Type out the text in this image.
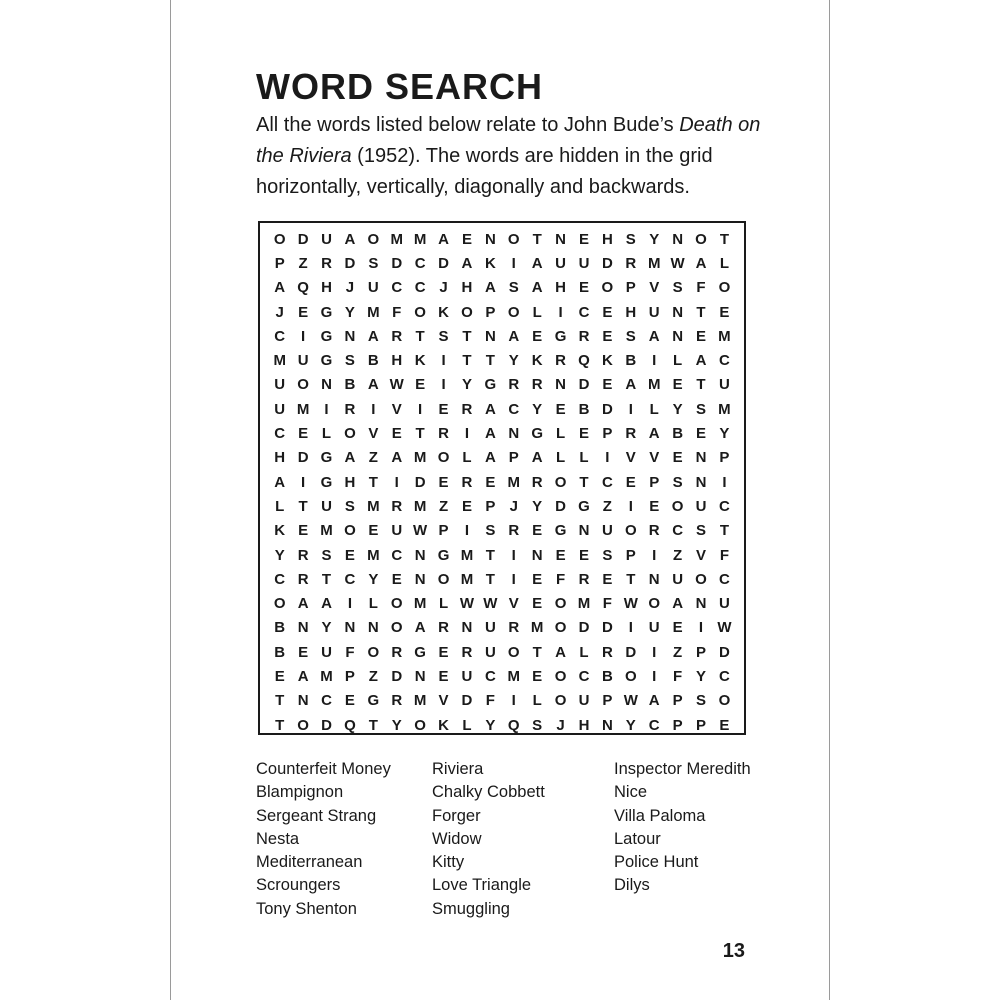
WORD SEARCH

All the words listed below relate to John Bude’s Death on the Riviera (1952). The words are hidden in the grid horizontally, vertically, diagonally and backwards.

O D U A O M M A E N O T N E H S Y N O T
P Z R D S D C D A K	I	A U U D R M W A L
A Q H J U C C J H A S A H E O P V S F O
J E G Y M F O K O P O L	I	C E H U N T E
C	I	G N A R T S T N A E G R E S A N E M
M U G S B H K	I	T T Y K R Q K B	I	L A C
U O N B A W E	I	Y G R R N D E A M E T U
U M	I	R	I	V	I	E R A C Y E B D	I	L Y S M
C E L O V E T R	I	A N G L E P R A B E Y
H D G A Z A M O L A P A L L	I	V V E N P
A	I	G H T	I	D E R E M R O T C E P S N	I
L T U S M R M Z E P J Y D G Z	I	E O U C
K E M O E U W P	I	S R E G N U O R C S T
Y R S E M C N G M T	I	N E E S P	I	Z V F
C R T C Y E N O M T	I	E F R E T N U O C
O A A	I	L O M L W W V E O M F W O A N U
B N Y N N O A R N U R M O D D	I	U E	I W
B E U F O R G E R U O T A L R D	I	Z P D
E A M P Z D N E U C M E O C B O	I	F Y C
T N C E G R M V D F	I	L O U P W A P S O
T O D Q T Y O K L Y Q S J H N Y C P P E
Counterfeit Money
Blampignon
Sergeant Strang
Nesta
Mediterranean
Scroungers
Tony Shenton
Riviera
Chalky Cobbett
Forger
Widow
Kitty
Love Triangle
Smuggling
Inspector Meredith
Nice
Villa Paloma
Latour
Police Hunt
Dilys
13
